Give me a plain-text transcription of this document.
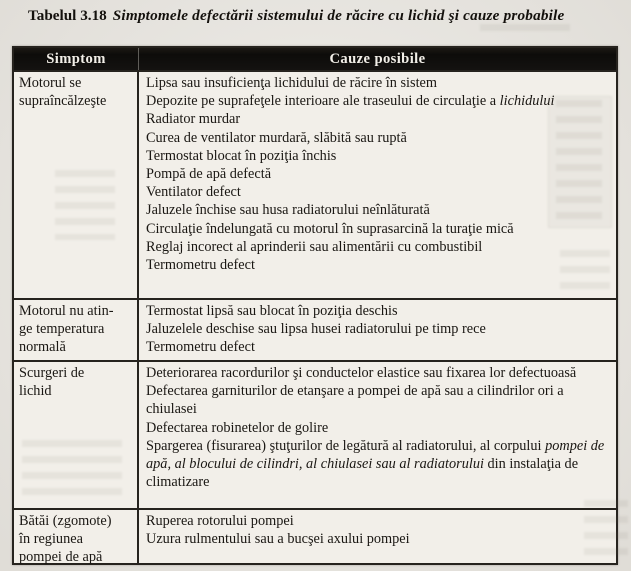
Tabelul 3.18 Simptomele defectării sistemului de răcire cu lichid şi cauze probabile
Simptom	Cauze posibile
Motorul se
supraîncălzeşte
Lipsa sau insuficienţa lichidului de răcire în sistem
Depozite pe suprafeţele interioare ale traseului de circulaţie a lichidului
Radiator murdar
Curea de ventilator murdară, slăbită sau ruptă
Termostat blocat în poziţia închis
Pompă de apă defectă
Ventilator defect
Jaluzele închise sau husa radiatorului neînlăturată
Circulaţie îndelungată cu motorul în suprasarcină la turaţie mică
Reglaj incorect al aprinderii sau alimentării cu combustibil
Termometru defect
Motorul nu atin-
ge temperatura
normală
Termostat lipsă sau blocat în poziţia deschis
Jaluzelele deschise sau lipsa husei radiatorului pe timp rece
Termometru defect
Scurgeri de
lichid
Deteriorarea racordurilor şi conductelor elastice sau fixarea lor defectuoasă
Defectarea garniturilor de etanşare a pompei de apă sau a cilindrilor ori a chiulasei
Defectarea robinetelor de golire
Spargerea (fisurarea) ştuţurilor de legătură al radiatorului, al corpului pompei de apă, al blocului de cilindri, al chiulasei sau al radiatorului din instalaţia de climatizare
Bătăi (zgomote)
în regiunea
pompei de apă
Ruperea rotorului pompei
Uzura rulmentului sau a bucşei axului pompei
